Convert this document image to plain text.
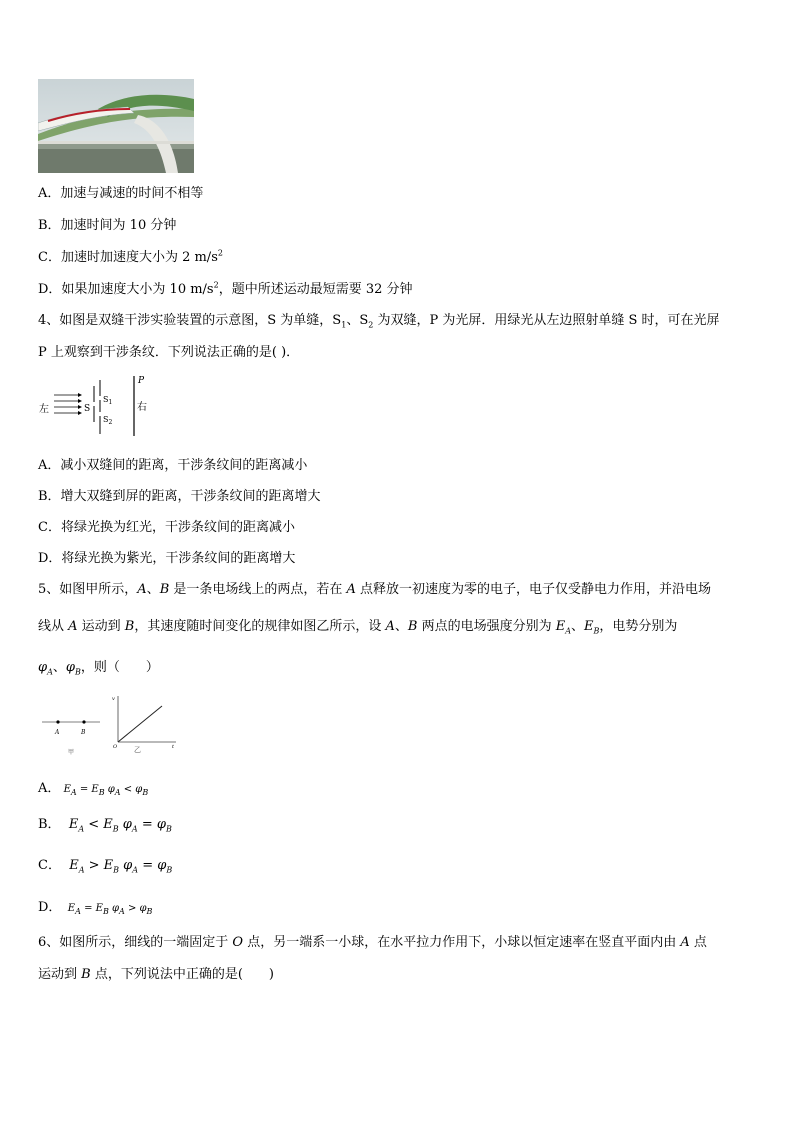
A．加速与减速的时间不相等
B．加速时间为 10 分钟
C．加速时加速度大小为 2 $m/s^2$
D．如果加速度大小为 10 $m/s^2$，题中所述运动最短需要 32 分钟
4、如图是双缝干涉实验装置的示意图，S 为单缝，$S_1$、$S_2$ 为双缝，P 为光屏．用绿光从左边照射单缝 S 时，可在光屏
P 上观察到干涉条纹．下列说法正确的是( )．
左	S
$S_1$
$S_2$
P
右
A．减小双缝间的距离，干涉条纹间的距离减小
B．增大双缝到屏的距离，干涉条纹间的距离增大
C．将绿光换为红光，干涉条纹间的距离减小
D．将绿光换为紫光，干涉条纹间的距离增大
5、如图甲所示，A、B 是一条电场线上的两点，若在 A 点释放一初速度为零的电子，电子仅受静电力作用，并沿电场
线从 A 运动到 B，其速度随时间变化的规律如图乙所示，设 A、B 两点的电场强度分别为 $E_A$、$E_B$，电势分别为
$\varphi_A$、$\varphi_B$，则（　　）
A	B
甲
v
O	t
乙
A． $E_A = E_B$ $\varphi_A < \varphi_B$
B．  $E_A < E_B$ $\varphi_A = \varphi_B$
C．  $E_A > E_B$ $\varphi_A = \varphi_B$
D．  $E_A = E_B$ $\varphi_A > \varphi_B$
6、如图所示，细线的一端固定于 O 点，另一端系一小球，在水平拉力作用下，小球以恒定速率在竖直平面内由 A 点
运动到 B 点，下列说法中正确的是(　　)
